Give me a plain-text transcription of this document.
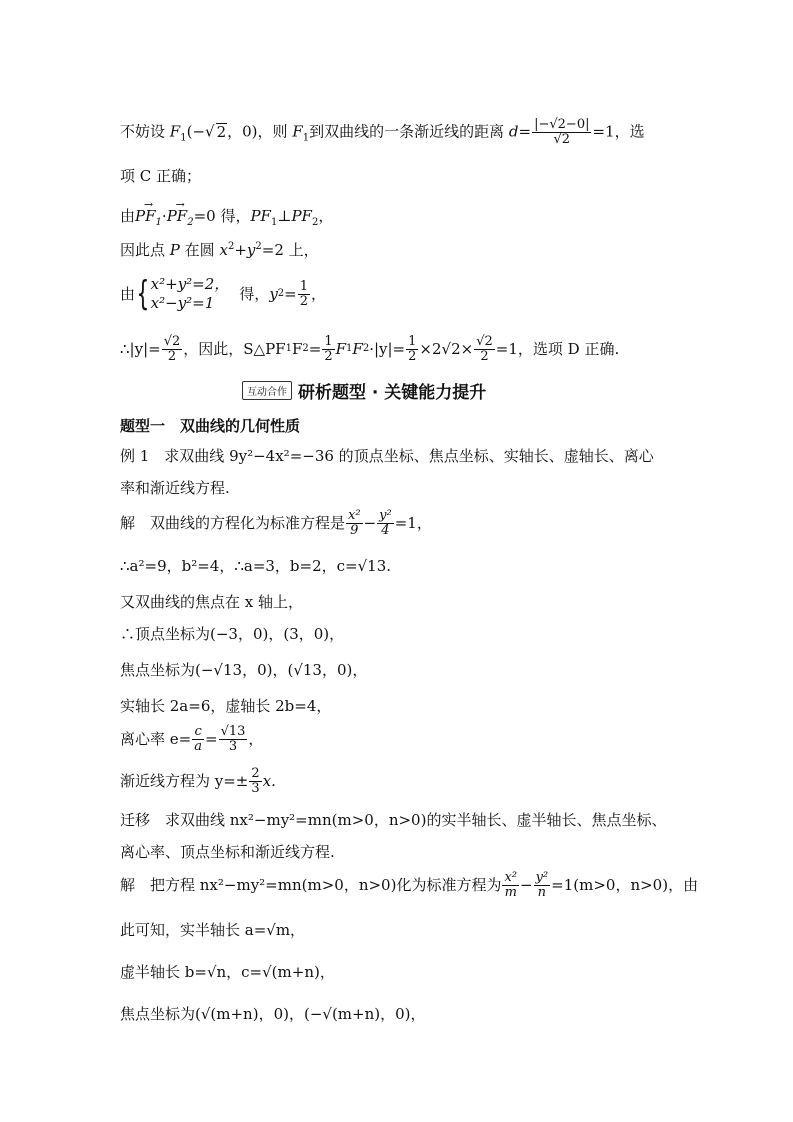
不妨设 $F_1(-√$ 2，0)，则 $F_1$到双曲线的一条渐近线的距离 $d= \frac{|-√2-0|}{√2} =1$，选
项 C 正确；
由→ $PF_1\cdot\to PF_2=0$ 得，$PF_1\perp PF_2$，
因此点 P 在圆 $x^2+y^2=2$ 上，
由 { x²+y²=2，
x²−y²=1	得， y $2 = \frac{1}{2}$ ，
∴|y|= $\frac{√2}{2}$ ，因此，S△PF 1 F $2 = \frac{1}{2}$ F 1 F $2 \cdot|y|= \frac{1}{2} \times 2√2\times \frac{√2}{2} =1$，选项 D 正确.
互动合作 研析题型 · 关键能力提升
题型一　双曲线的几何性质
例 1　求双曲线 9y²−4x²=−36 的顶点坐标、焦点坐标、实轴长、虚轴长、离心
率和渐近线方程.
解　双曲线的方程化为标准方程是 $\frac{\text{x²}}{9} - \frac{\text{y²}}{4} =1$，
∴a²=9，b²=4，∴a=3，b=2，c=√13.
又双曲线的焦点在 x 轴上，
∴顶点坐标为(−3，0)，(3，0)，
焦点坐标为(−√13，0)，(√13，0)，
实轴长 2a=6，虚轴长 2b=4，
离心率 $e= \frac{c}{a} = \frac{√13}{3}$ ，
渐近线方程为 $y=\pm \frac{2}{3} x$.
迁移　求双曲线 nx²−my²=mn(m>0，n>0)的实半轴长、虚半轴长、焦点坐标、
离心率、顶点坐标和渐近线方程.
解　把方程 nx²−my²=mn(m>0，n>0)化为标准方程为 $\frac{\text{x²}}{m} - \frac{\text{y²}}{n} =1(m>0$，n>0)，由
此可知，实半轴长 a=√m，
虚半轴长 b=√n，c=√(m+n)，
焦点坐标为(√(m+n)，0)，(−√(m+n)，0)，
